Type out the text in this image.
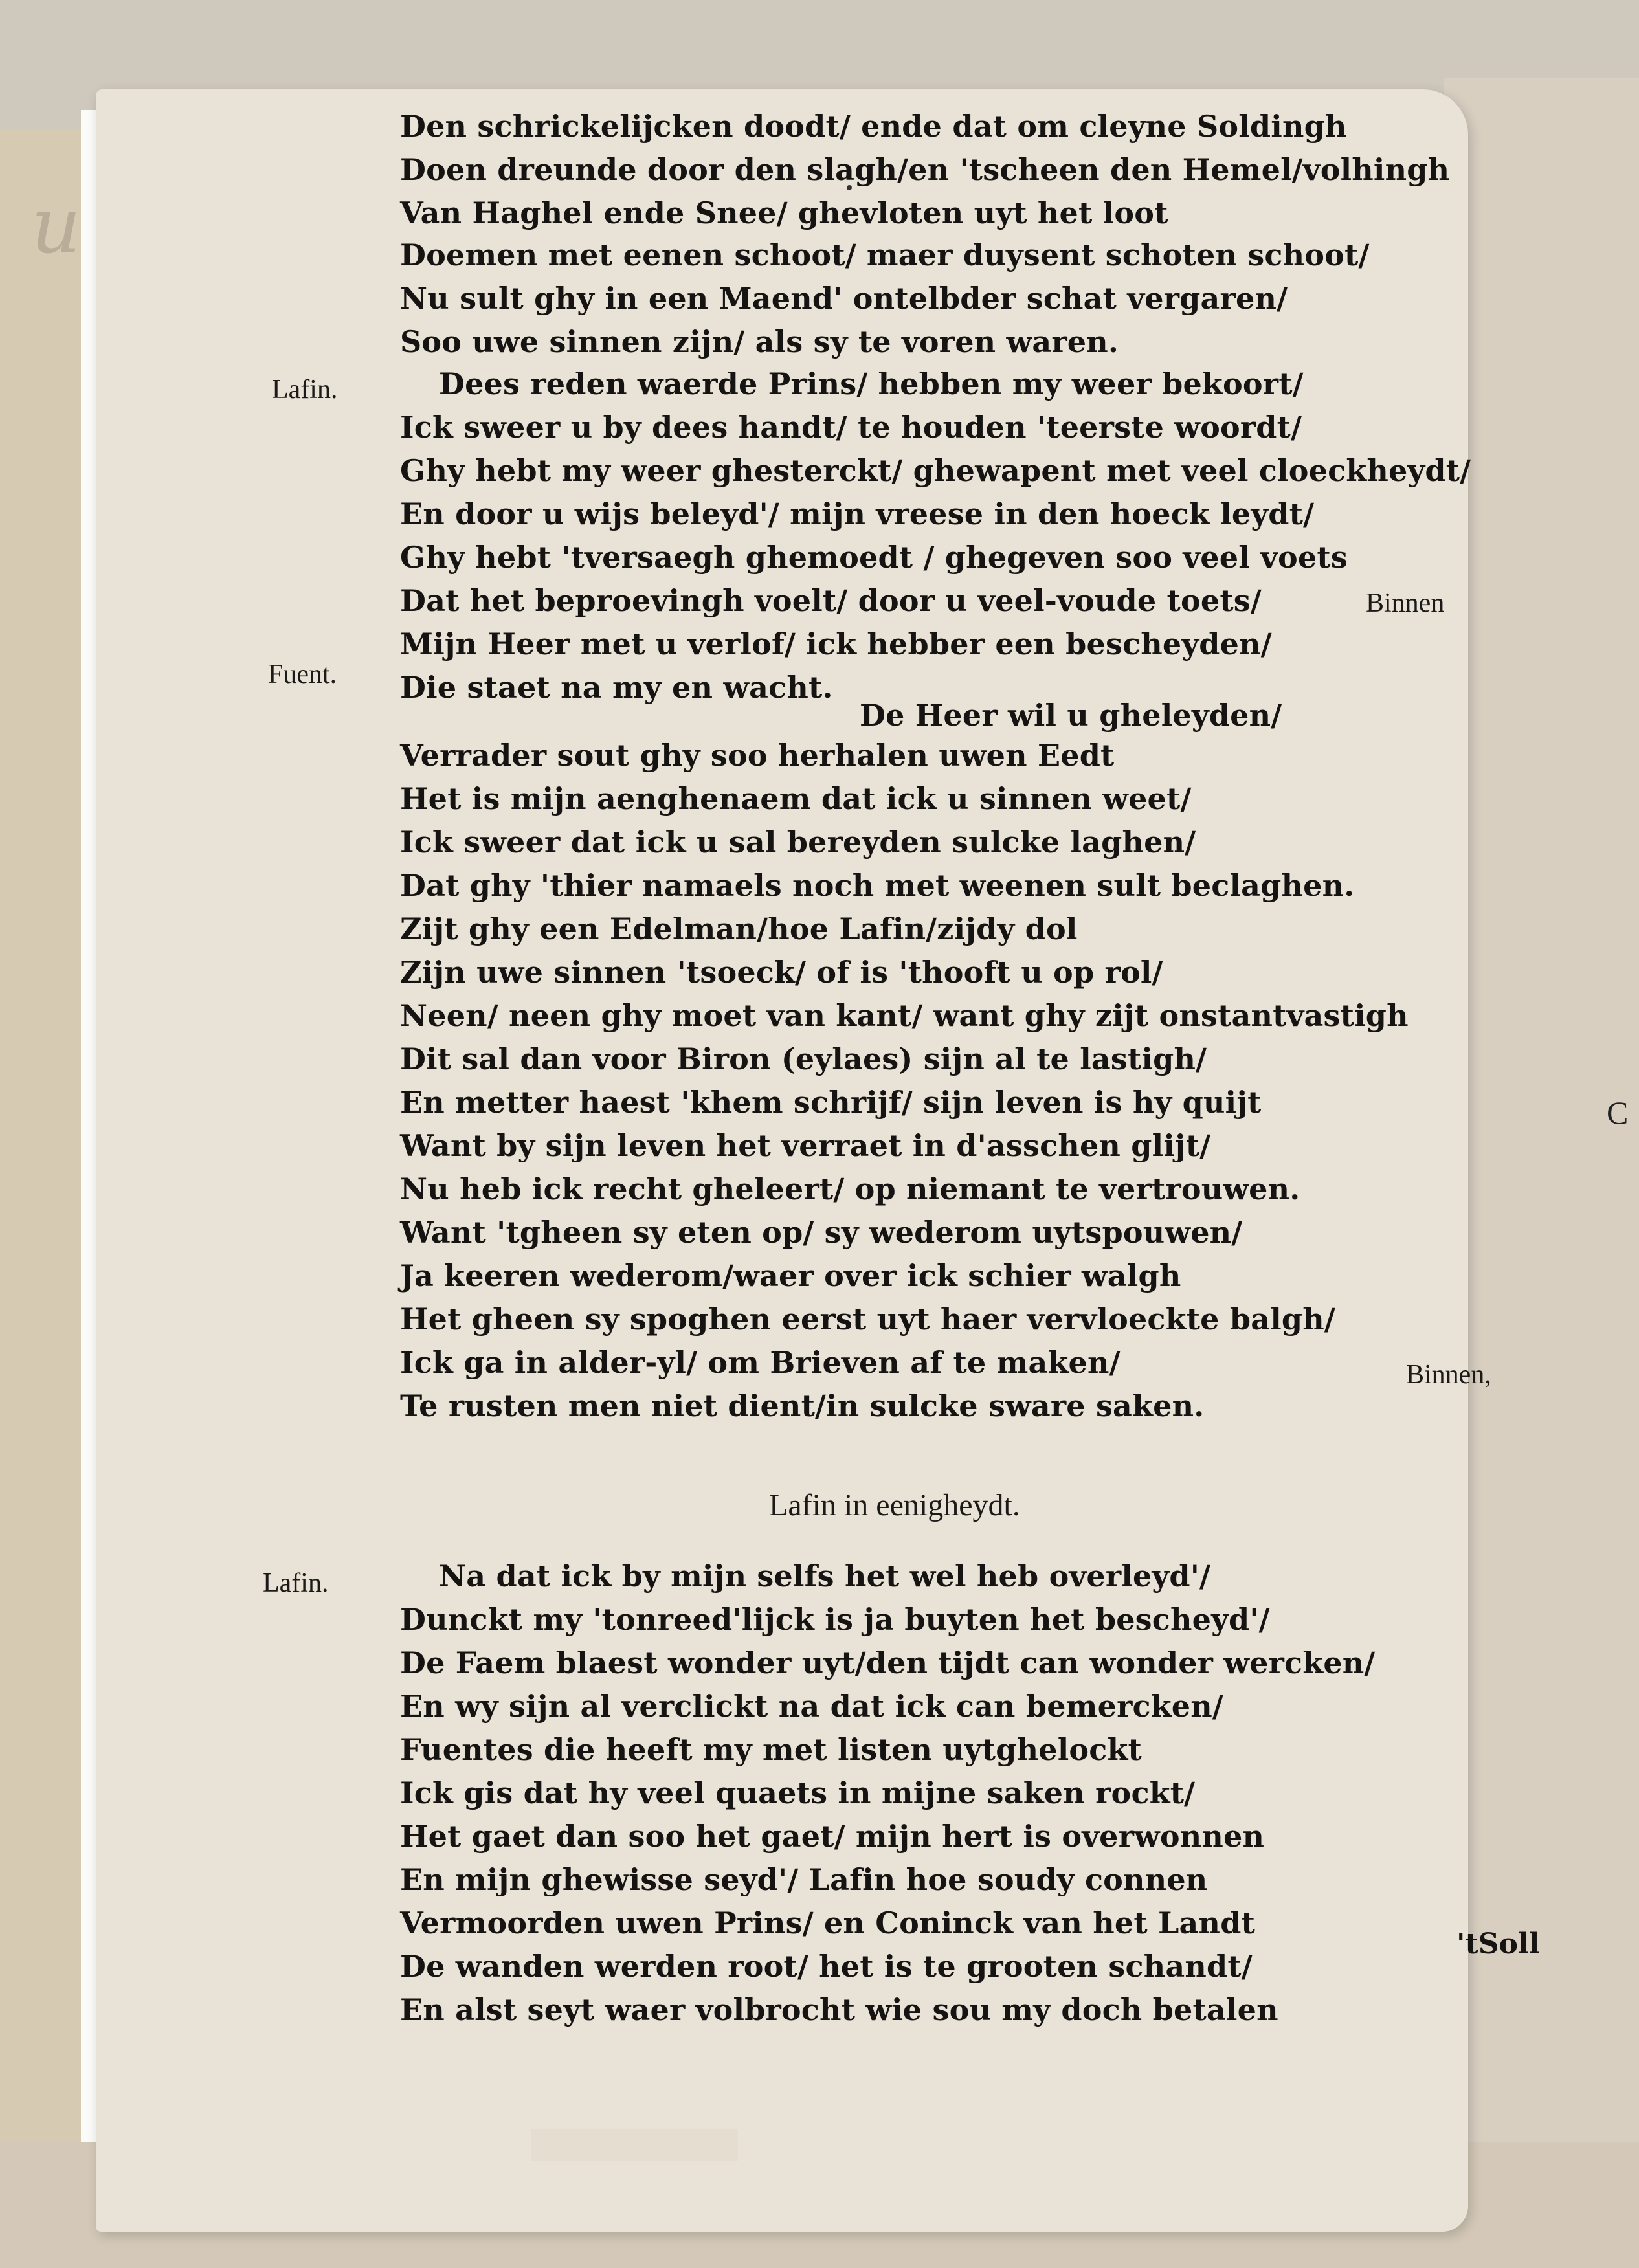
u

C

Den schrickelijcken doodt/ ende dat om cleyne Soldingh

Doen dreunde door den slagh/en 'tscheen den Hemel/volhingh

Van Haghel ende Snee/ ghevloten uyt het loot

Doemen met eenen schoot/ maer duysent schoten schoot/

Nu sult ghy in een Maend' ontelbder schat vergaren/

Soo uwe sinnen zijn/ als sy te voren waren.

Lafin.	Dees reden waerde Prins/ hebben my weer bekoort/

Ick sweer u by dees handt/ te houden 'teerste woordt/

Ghy hebt my weer ghesterckt/ ghewapent met veel cloeckheydt/

En door u wijs beleyd'/ mijn vreese in den hoeck leydt/

Ghy hebt 'tversaegh ghemoedt / ghegeven soo veel voets

Dat het beproevingh voelt/ door u veel-voude toets/

Mijn Heer met u verlof/ ick hebber een bescheyden/

Binnen

Die staet na my en wacht.

De Heer wil u gheleyden/

Fuent.

Verrader sout ghy soo herhalen uwen Eedt

Het is mijn aenghenaem dat ick u sinnen weet/

Ick sweer dat ick u sal bereyden sulcke laghen/

Dat ghy 'thier namaels noch met weenen sult beclaghen.

Zijt ghy een Edelman/hoe Lafin/zijdy dol

Zijn uwe sinnen 'tsoeck/ of is 'thooft u op rol/

Neen/ neen ghy moet van kant/ want ghy zijt onstantvastigh

Dit sal dan voor Biron (eylaes) sijn al te lastigh/

En metter haest 'khem schrijf/ sijn leven is hy quijt

Want by sijn leven het verraet in d'asschen glijt/

Nu heb ick recht gheleert/ op niemant te vertrouwen.

Want 'tgheen sy eten op/ sy wederom uytspouwen/

Ja keeren wederom/waer over ick schier walgh

Het gheen sy spoghen eerst uyt haer vervloeckte balgh/

Ick ga in alder-yl/ om Brieven af te maken/

Te rusten men niet dient/in sulcke sware saken.

Binnen,

Lafin in eenigheydt.

Lafin.	Na dat ick by mijn selfs het wel heb overleyd'/

Dunckt my 'tonreed'lijck is ja buyten het bescheyd'/

De Faem blaest wonder uyt/den tijdt can wonder wercken/

En wy sijn al verclickt na dat ick can bemercken/

Fuentes die heeft my met listen uytghelockt

Ick gis dat hy veel quaets in mijne saken rockt/

Het gaet dan soo het gaet/ mijn hert is overwonnen

En mijn ghewisse seyd'/ Lafin hoe soudy connen

Vermoorden uwen Prins/ en Coninck van het Landt

De wanden werden root/ het is te grooten schandt/

En alst seyt waer volbrocht wie sou my doch betalen

'tSoll
